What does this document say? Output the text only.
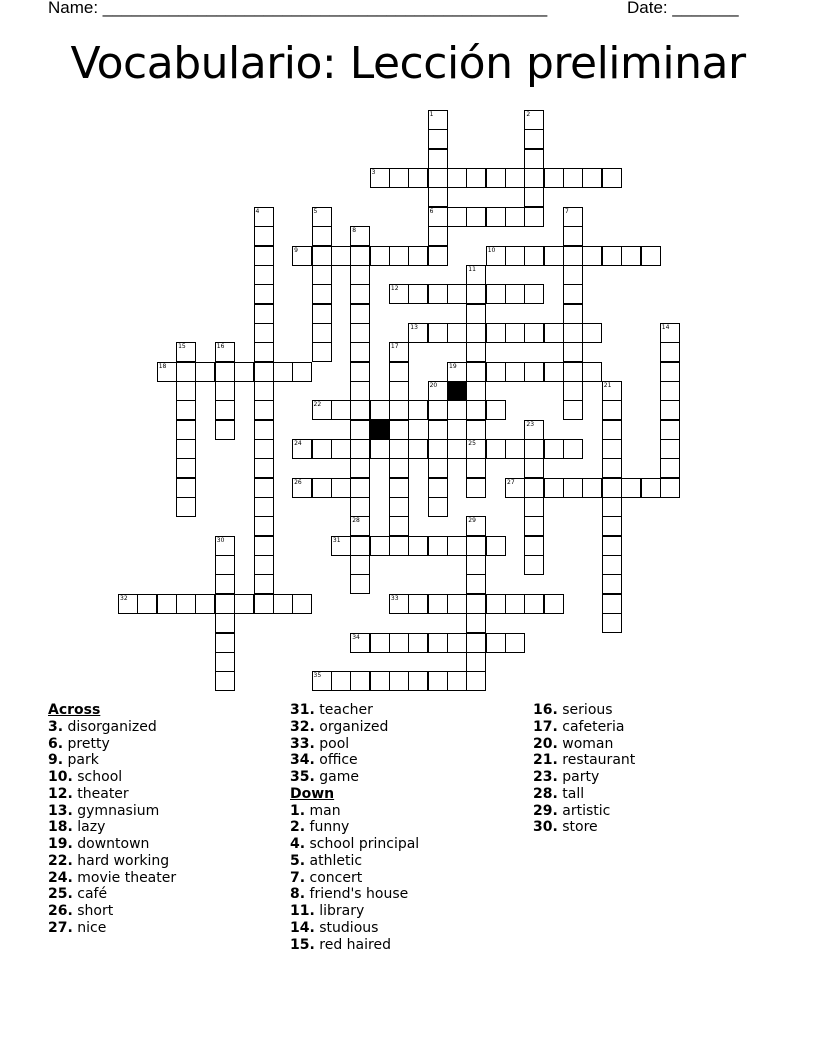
Name: _______________________________________________	Date: _______
Vocabulario: Lección preliminar
1	2
3
4	5	6	7
8
9	10
11
12
13	14
15	16	17
18	19
20	21
22
23
24	25
26	27
28	29
30	31
32	33
34
35
Across
3. disorganized
6. pretty
9. park
10. school
12. theater
13. gymnasium
18. lazy
19. downtown
22. hard working
24. movie theater
25. café
26. short
27. nice
31. teacher
32. organized
33. pool
34. office
35. game
Down
1. man
2. funny
4. school principal
5. athletic
7. concert
8. friend's house
11. library
14. studious
15. red haired
16. serious
17. cafeteria
20. woman
21. restaurant
23. party
28. tall
29. artistic
30. store
